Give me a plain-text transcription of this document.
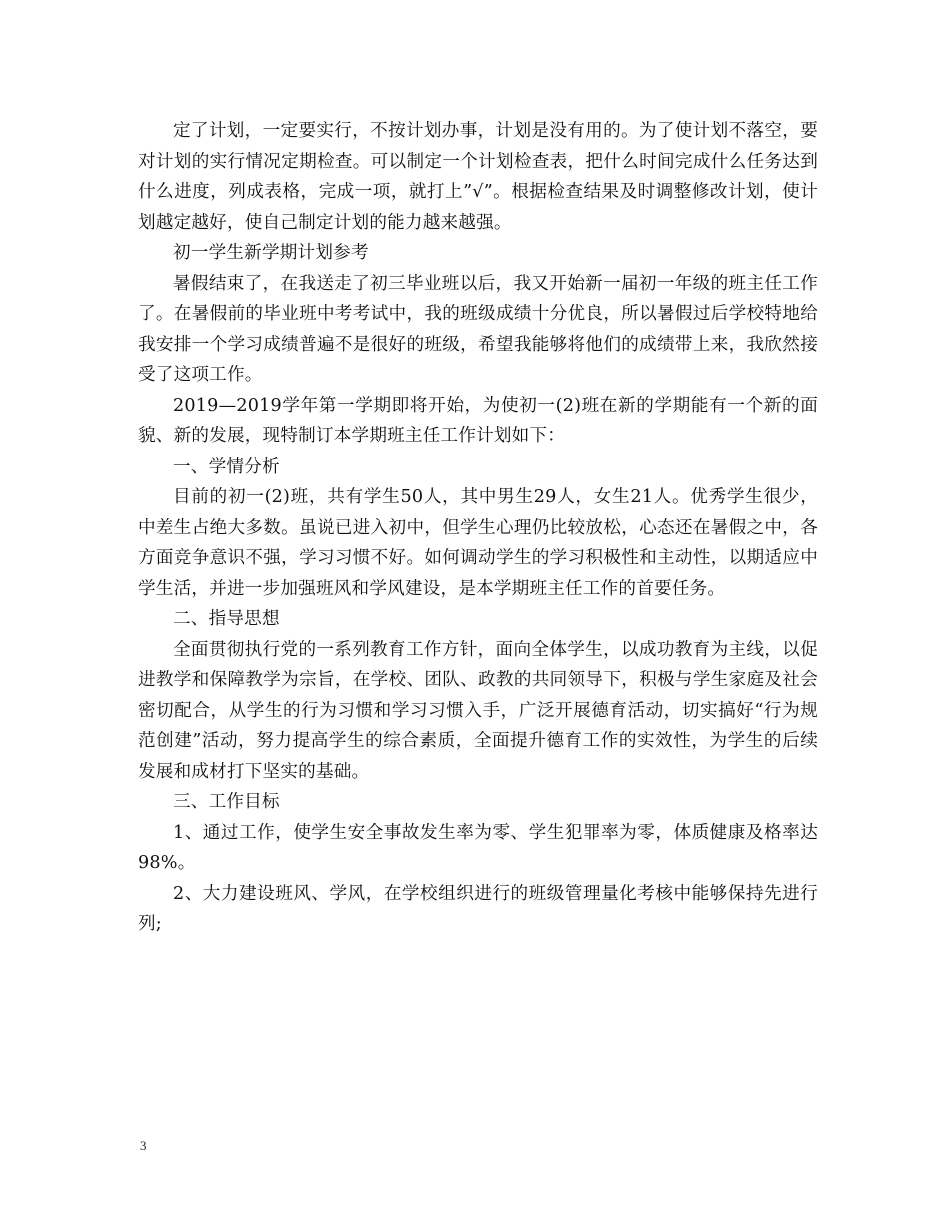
定了计划，一定要实行，不按计划办事，计划是没有用的。为了使计划不落空，要对计划的实行情况定期检查。可以制定一个计划检查表，把什么时间完成什么任务达到什么进度，列成表格，完成一项，就打上”√”。根据检查结果及时调整修改计划，使计划越定越好，使自己制定计划的能力越来越强。

初一学生新学期计划参考

暑假结束了，在我送走了初三毕业班以后，我又开始新一届初一年级的班主任工作了。在暑假前的毕业班中考考试中，我的班级成绩十分优良，所以暑假过后学校特地给我安排一个学习成绩普遍不是很好的班级，希望我能够将他们的成绩带上来，我欣然接受了这项工作。

2019—2019学年第一学期即将开始，为使初一(2)班在新的学期能有一个新的面貌、新的发展，现特制订本学期班主任工作计划如下：

一、学情分析

目前的初一(2)班，共有学生50人，其中男生29人，女生21人。优秀学生很少，中差生占绝大多数。虽说已进入初中，但学生心理仍比较放松，心态还在暑假之中，各方面竞争意识不强，学习习惯不好。如何调动学生的学习积极性和主动性，以期适应中学生活，并进一步加强班风和学风建设，是本学期班主任工作的首要任务。

二、指导思想

全面贯彻执行党的一系列教育工作方针，面向全体学生，以成功教育为主线，以促进教学和保障教学为宗旨，在学校、团队、政教的共同领导下，积极与学生家庭及社会密切配合，从学生的行为习惯和学习习惯入手，广泛开展德育活动，切实搞好“行为规范创建”活动，努力提高学生的综合素质，全面提升德育工作的实效性，为学生的后续发展和成材打下坚实的基础。

三、工作目标

1、通过工作，使学生安全事故发生率为零、学生犯罪率为零，体质健康及格率达98%。

2、大力建设班风、学风，在学校组织进行的班级管理量化考核中能够保持先进行列;

3
